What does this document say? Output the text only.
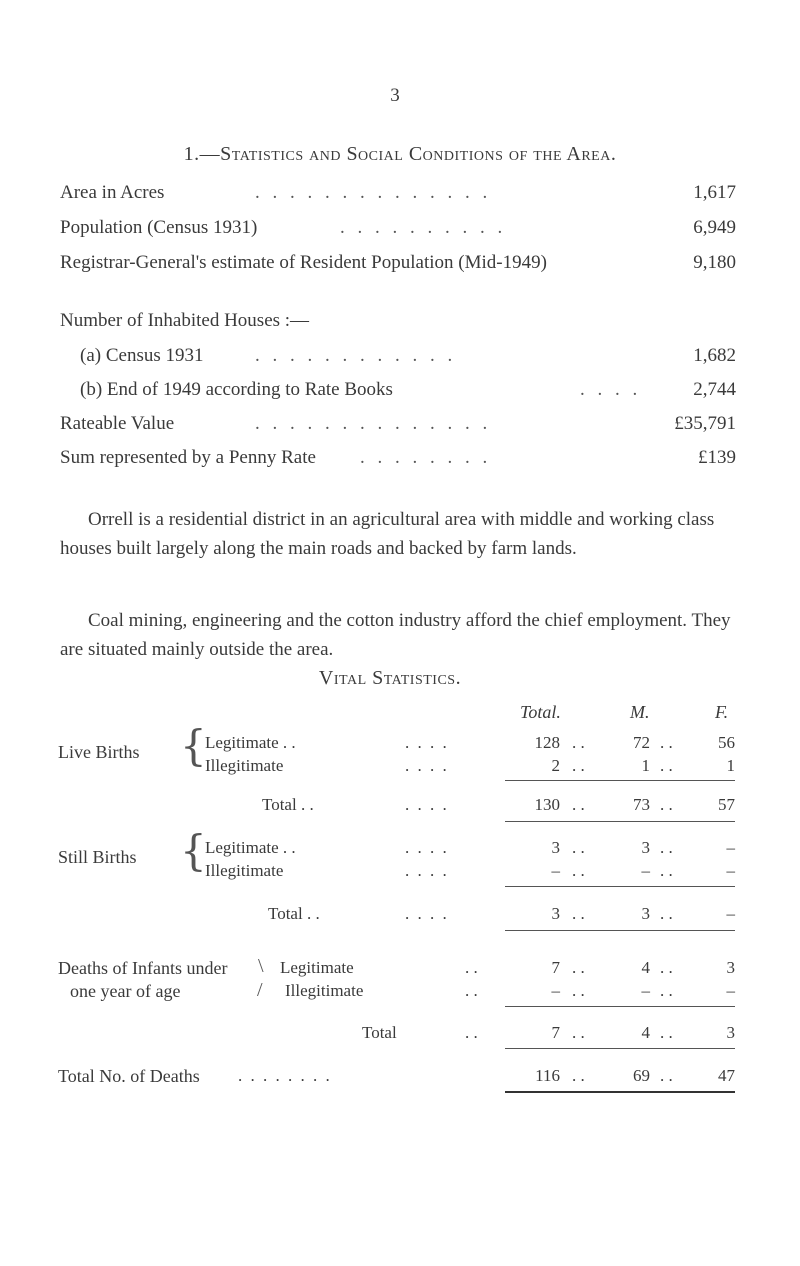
3
1.—Statistics and Social Conditions of the Area.
Area in Acres	. . . . . . . . . . . . . .	1,617
Population (Census 1931)	. . . . . . . . . .	6,949
Registrar-General's estimate of Resident Population (Mid-1949)	9,180
Number of Inhabited Houses :—
(a) Census 1931	. . . . . . . . . . . .	1,682
(b) End of 1949 according to Rate Books	. . . .	2,744
Rateable Value	. . . . . . . . . . . . . .	£35,791
Sum represented by a Penny Rate . . . . . . . .	£139

Orrell is a residential district in an agricultural area with middle and working class houses built largely along the main roads and backed by farm lands.

Coal mining, engineering and the cotton industry afford the chief employment. They are situated mainly outside the area.

Vital Statistics.
Total.	M.	F.
Live Births {
Legitimate . .	. . . .	128 . .	72 . .	56
Illegitimate	. . . .	2 . .	1 . .	1
Total . .	. . . .	130 . .	73 . .	57
Still Births {
Legitimate . .	. . . .	3 . .	3 . .	–
Illegitimate	. . . .	– . .	– . .	–
Total . .	. . . .	3 . .	3 . .	–
Deaths of Infants under
one year of age
\
/
Legitimate	. .	7 . .	4 . .	3
Illegitimate	. .	– . .	– . .	–
Total	. .	7 . .	4 . .	3
Total No. of Deaths . . . . . . . .	116 . .	69 . .	47
